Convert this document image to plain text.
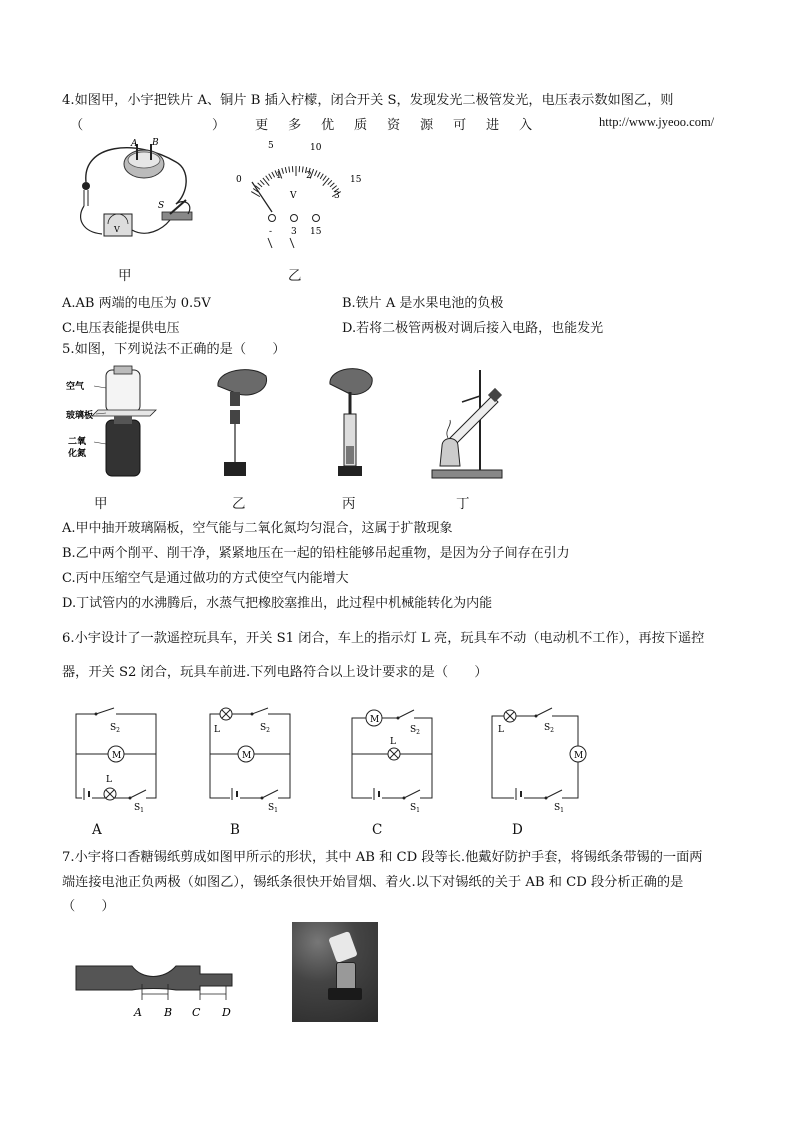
4.如图甲，小宇把铁片 A、铜片 B 插入柠檬，闭合开关 S，发现发光二极管发光，电压表示数如图乙，则
（	） 更 多 优 质 资 源 可 进 入	http://www.jyeoo.com/
A B
V
S
甲
5	10
0	15
1	2
3
V
- 3 15
乙
A.AB 两端的电压为 0.5V	B.铁片 A 是水果电池的负极
C.电压表能提供电压	D.若将二极管两极对调后接入电路，也能发光
5.如图，下列说法不正确的是（　　）
空气
玻璃板
二氧
化氮
甲	乙	丙	丁
A.甲中抽开玻璃隔板，空气能与二氧化氮均匀混合，这属于扩散现象
B.乙中两个削平、削干净，紧紧地压在一起的铅柱能够吊起重物，是因为分子间存在引力
C.丙中压缩空气是通过做功的方式使空气内能增大
D.丁试管内的水沸腾后，水蒸气把橡胶塞推出，此过程中机械能转化为内能
6.小宇设计了一款遥控玩具车，开关 S1 闭合，车上的指示灯 L 亮，玩具车不动（电动机不工作），再按下遥控
器，开关 S2 闭合，玩具车前进.下列电路符合以上设计要求的是（　　）
$S_2$
M
L
$S_1$
A
L	$S_2$
M
$S_1$
B
M
$S_2$
L
$S_1$
C
L	$S_2$
M
$S_1$
D
7.小宇将口香糖锡纸剪成如图甲所示的形状，其中 AB 和 CD 段等长.他戴好防护手套，将锡纸条带锡的一面两
端连接电池正负两极（如图乙），锡纸条很快开始冒烟、着火.以下对锡纸的关于 AB 和 CD 段分析正确的是
（　　）
A B C D
